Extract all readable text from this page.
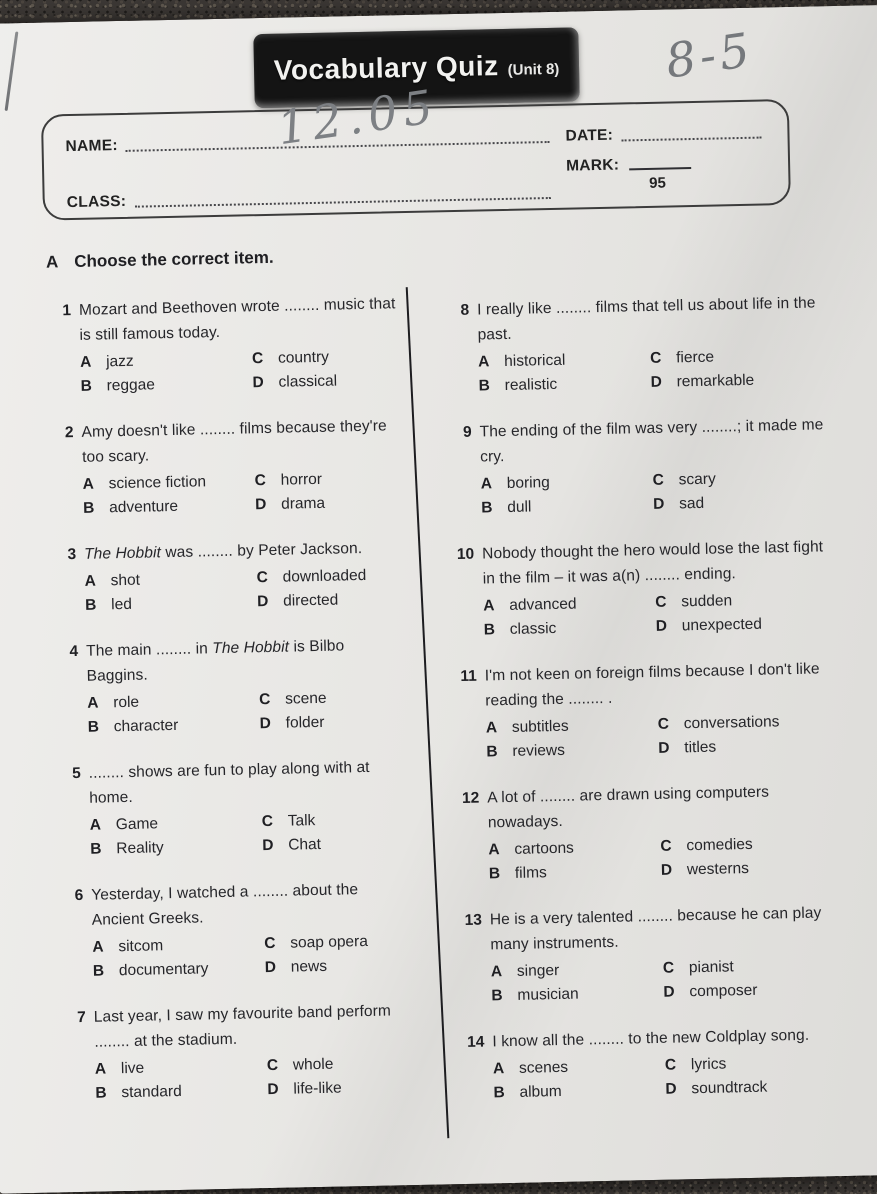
Vocabulary Quiz (Unit 8) 8-5
12.05
NAME:
DATE:
CLASS:
MARK:
95
A Choose the correct item.
1 Mozart and Beethoven wrote ........ music that is still famous today.
A jazz	C country
B reggae	D classical
2 Amy doesn't like ........ films because they're too scary.
A science fiction	C horror
B adventure	D drama
3 The Hobbit was ........ by Peter Jackson.
A shot	C downloaded
B led	D directed
4 The main ........ in The Hobbit is Bilbo Baggins.
A role	C scene
B character	D folder
5 ........ shows are fun to play along with at home.
A Game	C Talk
B Reality	D Chat
6 Yesterday, I watched a ........ about the Ancient Greeks.
A sitcom	C soap opera
B documentary	D news
7 Last year, I saw my favourite band perform ........ at the stadium.
A live	C whole
B standard	D life-like
8 I really like ........ films that tell us about life in the past.
A historical	C fierce
B realistic	D remarkable
9 The ending of the film was very ........; it made me cry.
A boring	C scary
B dull	D sad
10 Nobody thought the hero would lose the last fight in the film – it was a(n) ........ ending.
A advanced	C sudden
B classic	D unexpected
11 I'm not keen on foreign films because I don't like reading the ........ .
A subtitles	C conversations
B reviews	D titles
12 A lot of ........ are drawn using computers nowadays.
A cartoons	C comedies
B films	D westerns
13 He is a very talented ........ because he can play many instruments.
A singer	C pianist
B musician	D composer
14 I know all the ........ to the new Coldplay song.
A scenes	C lyrics
B album	D soundtrack
